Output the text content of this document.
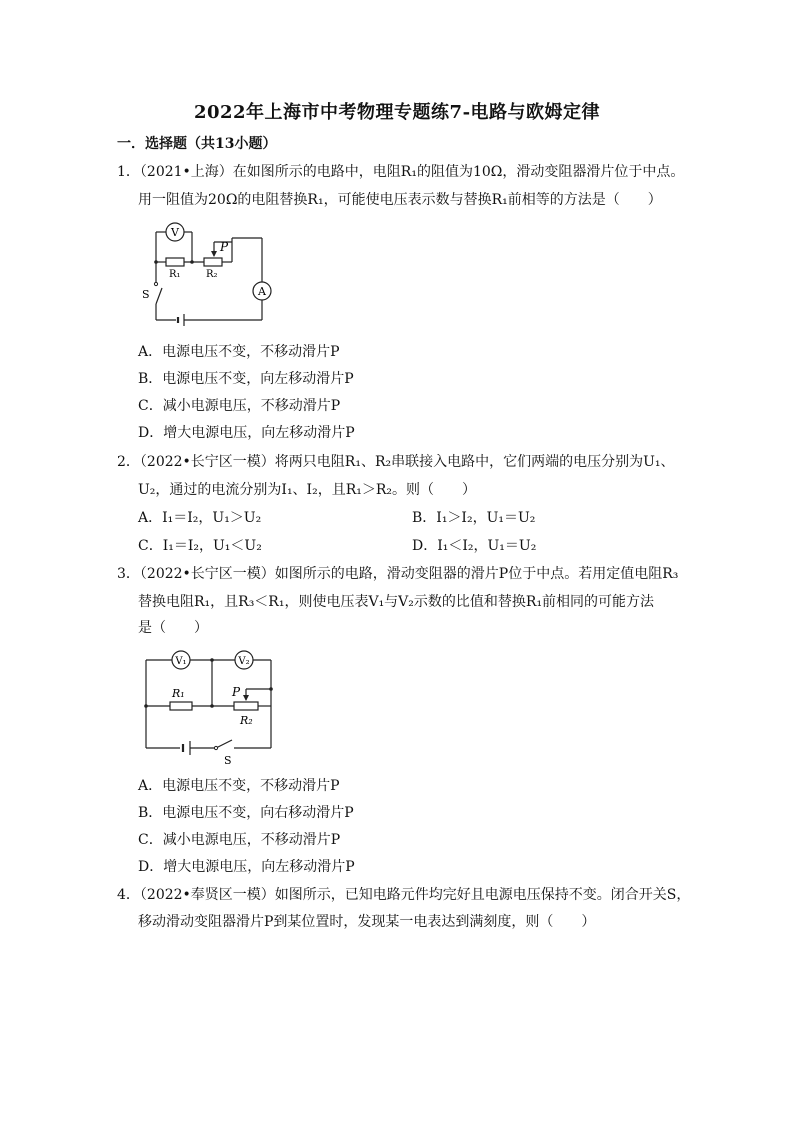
2022年上海市中考物理专题练7-电路与欧姆定律
一．选择题（共13小题）
1．（2021•上海）在如图所示的电路中，电阻R₁的阻值为10Ω，滑动变阻器滑片位于中点。
用一阻值为20Ω的电阻替换R₁，可能使电压表示数与替换R₁前相等的方法是（　　）
V
A
P
R₁	R₂
S
A．电源电压不变，不移动滑片P
B．电源电压不变，向左移动滑片P
C．减小电源电压，不移动滑片P
D．增大电源电压，向左移动滑片P
2．（2022•长宁区一模）将两只电阻R₁、R₂串联接入电路中，它们两端的电压分别为U₁、
U₂，通过的电流分别为I₁、I₂，且R₁＞R₂。则（　　）
A．I₁＝I₂，U₁＞U₂	B．I₁＞I₂，U₁＝U₂
C．I₁＝I₂，U₁＜U₂	D．I₁＜I₂，U₁＝U₂
3．（2022•长宁区一模）如图所示的电路，滑动变阻器的滑片P位于中点。若用定值电阻R₃
替换电阻R₁，且R₃＜R₁，则使电压表V₁与V₂示数的比值和替换R₁前相同的可能方法
是（　　）
V₁	V₂
R₁
R₂
P
S
A．电源电压不变，不移动滑片P
B．电源电压不变，向右移动滑片P
C．减小电源电压，不移动滑片P
D．增大电源电压，向左移动滑片P
4．（2022•奉贤区一模）如图所示，已知电路元件均完好且电源电压保持不变。闭合开关S，
移动滑动变阻器滑片P到某位置时，发现某一电表达到满刻度，则（　　）
